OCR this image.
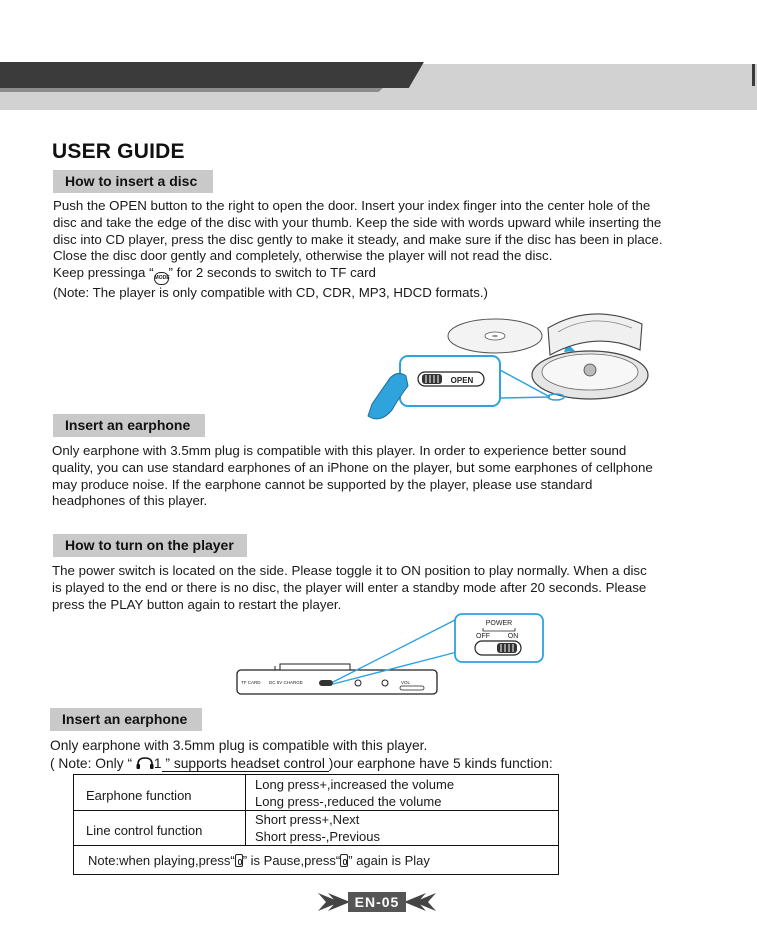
USER GUIDE
How to insert a disc

Push the OPEN button to the right to open the door. Insert your index finger into the center hole of the

disc and take the edge of the disc with your thumb. Keep the side with words upward while inserting the

disc into CD player, press the disc gently to make it steady, and make sure if the disc has been in place.

Close the disc door gently and completely, otherwise the player will not read the disc.

Keep pressinga “MODE” for 2 seconds to switch to TF card

(Note: The player is only compatible with CD, CDR, MP3, HDCD formats.)

OPEN
Insert an earphone

Only earphone with 3.5mm plug is compatible with this player. In order to experience better sound

quality, you can use standard earphones of an iPhone on the player, but some earphones of cellphone

may produce noise. If the earphone cannot be supported by the player, please use standard

headphones of this player.

How to turn on the player

The power switch is located on the side. Please toggle it to ON position to play normally. When a disc

is played to the end or there is no disc, the player will enter a standby mode after 20 seconds. Please

press the PLAY button again to restart the player.

TF CARD DC 5V CHARGE	VOL
POWER
OFF	ON
Insert an earphone

Only earphone with 3.5mm plug is compatible with this player.

( Note: Only “ 1 ” supports headset control )our earphone have 5 kinds function:

Earphone function
Long press+,increased the volume
Long press-,reduced the volume
Line control function
Short press+,Next
Short press-,Previous
Note:when playing,press“ ” is Pause,press“ ” again is Play
EN-05
